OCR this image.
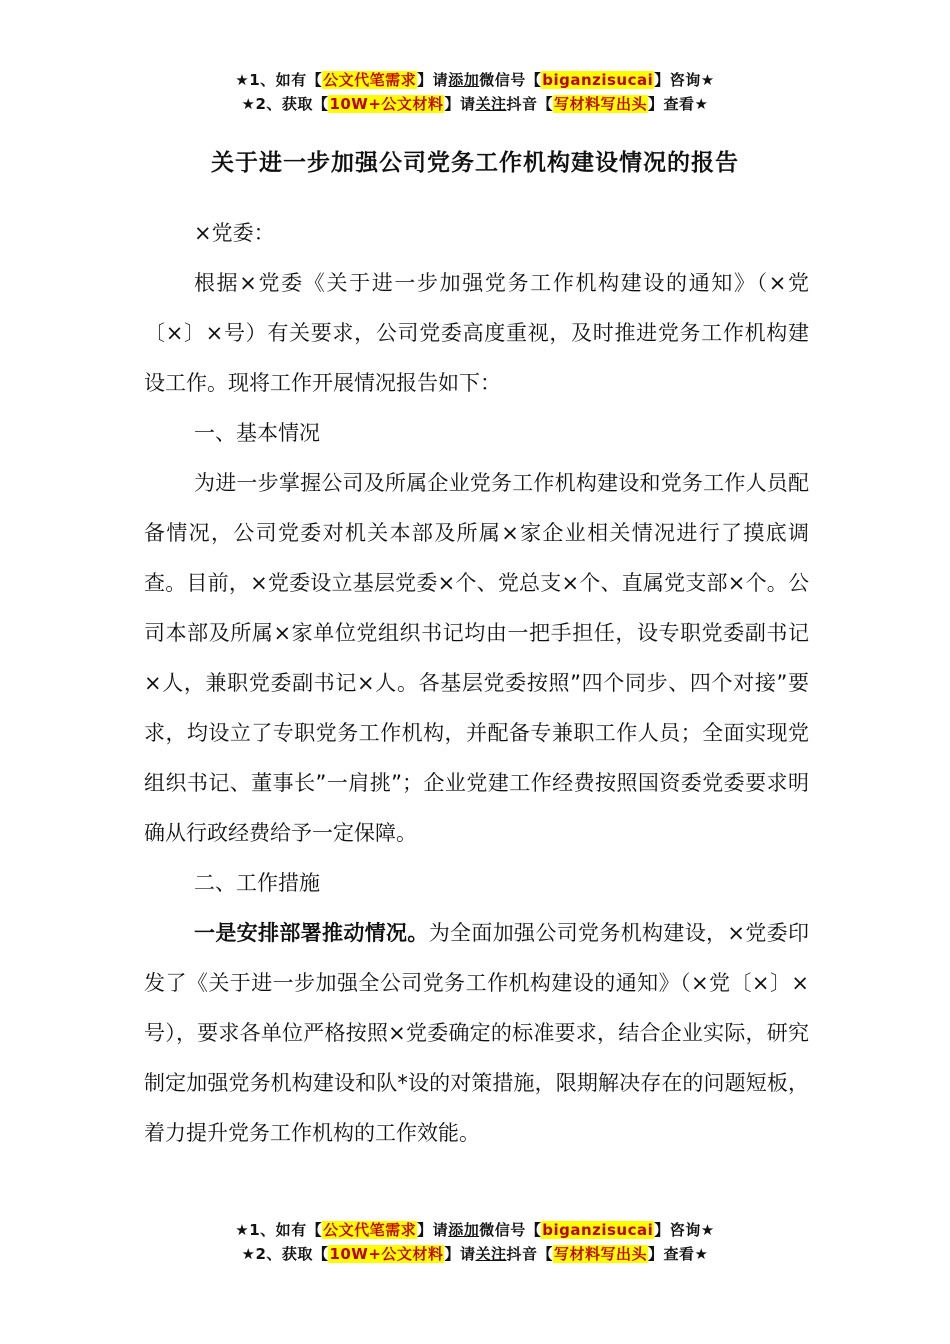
★1、如有【公文代笔需求】请添加微信号【biganzisucai】咨询★
★2、获取【10W+公文材料】请关注抖音【写材料写出头】查看★
关于进一步加强公司党务工作机构建设情况的报告

×党委：

根据×党委《关于进一步加强党务工作机构建设的通知》（×党〔×〕×号）有关要求，公司党委高度重视，及时推进党务工作机构建设工作。现将工作开展情况报告如下：

一、基本情况

为进一步掌握公司及所属企业党务工作机构建设和党务工作人员配备情况，公司党委对机关本部及所属×家企业相关情况进行了摸底调查。目前，×党委设立基层党委×个、党总支×个、直属党支部×个。公司本部及所属×家单位党组织书记均由一把手担任，设专职党委副书记×人，兼职党委副书记×人。各基层党委按照”四个同步、四个对接”要求，均设立了专职党务工作机构，并配备专兼职工作人员；全面实现党组织书记、董事长”一肩挑”；企业党建工作经费按照国资委党委要求明确从行政经费给予一定保障。

二、工作措施

一是安排部署推动情况。为全面加强公司党务机构建设，×党委印发了《关于进一步加强全公司党务工作机构建设的通知》（×党〔×〕×号），要求各单位严格按照×党委确定的标准要求，结合企业实际，研究制定加强党务机构建设和队*设的对策措施，限期解决存在的问题短板，着力提升党务工作机构的工作效能。

★1、如有【公文代笔需求】请添加微信号【biganzisucai】咨询★
★2、获取【10W+公文材料】请关注抖音【写材料写出头】查看★
